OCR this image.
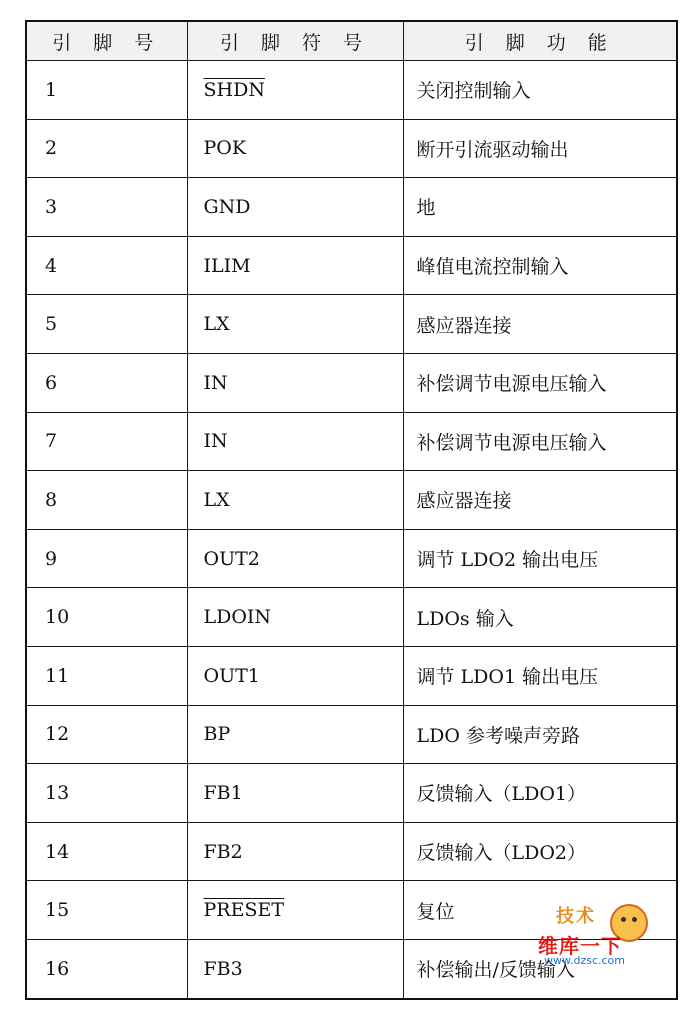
引 脚 号	引 脚 符 号	引 脚 功 能
1	SHDN	关闭控制输入
2	POK	断开引流驱动输出
3	GND	地
4	ILIM	峰值电流控制输入
5	LX	感应器连接
6	IN	补偿调节电源电压输入
7	IN	补偿调节电源电压输入
8	LX	感应器连接
9	OUT2	调节 LDO2 输出电压
10	LDOIN	LDOs 输入
11	OUT1	调节 LDO1 输出电压
12	BP	LDO 参考噪声旁路
13	FB1	反馈输入（LDO1）
14	FB2	反馈输入（LDO2）
15	PRESET	复位
16	FB3	补偿输出/反馈输入
技术
维库一下
www.dzsc.com
